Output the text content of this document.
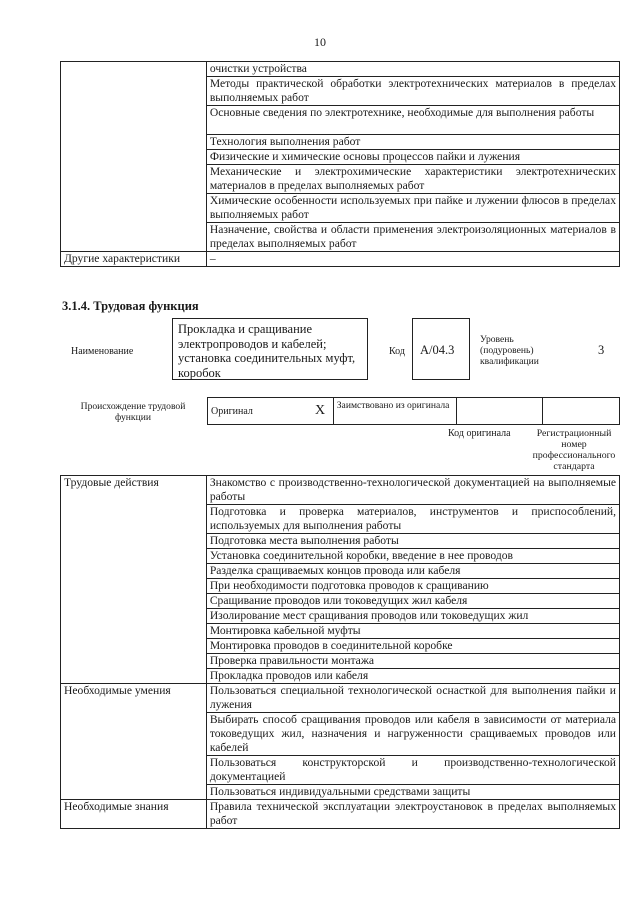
10
	очистки устройства
	Методы практической обработки электротехнических материалов в пределах выполняемых работ
	Основные сведения по электротехнике, необходимые для выполнения работы
	Технология выполнения работ
	Физические и химические основы процессов пайки и лужения
	Механические и электрохимические характеристики электротехнических материалов в пределах выполняемых работ
	Химические особенности используемых при пайке и лужении флюсов в пределах выполняемых работ
	Назначение, свойства и области применения электроизоляционных материалов в пределах выполняемых работ
Другие характеристики	–
3.1.4. Трудовая функция
Наименование
Прокладка и сращивание электропроводов и кабелей; установка соединительных муфт, коробок
Код A/04.3
Уровень (подуровень) квалификации
3
Происхождение трудовой функции
Оригинал	X	Заимствовано из оригинала		
Код оригинала	Регистрационный номер профессионального стандарта
Трудовые действия	Знакомство с производственно-технологической документацией на выполняемые работы
	Подготовка и проверка материалов, инструментов и приспособлений, используемых для выполнения работы
	Подготовка места выполнения работы
	Установка соединительной коробки, введение в нее проводов
	Разделка сращиваемых концов провода или кабеля
	При необходимости подготовка проводов к сращиванию
	Сращивание проводов или токоведущих жил кабеля
	Изолирование мест сращивания проводов или токоведущих жил
	Монтировка кабельной муфты
	Монтировка проводов в соединительной коробке
	Проверка правильности монтажа
	Прокладка проводов или кабеля
Необходимые умения	Пользоваться специальной технологической оснасткой для выполнения пайки и лужения
	Выбирать способ сращивания проводов или кабеля в зависимости от материала токоведущих жил, назначения и нагруженности сращиваемых проводов или кабелей
	Пользоваться конструкторской и производственно-технологической документацией
	Пользоваться индивидуальными средствами защиты
Необходимые знания	Правила технической эксплуатации электроустановок в пределах выполняемых работ
